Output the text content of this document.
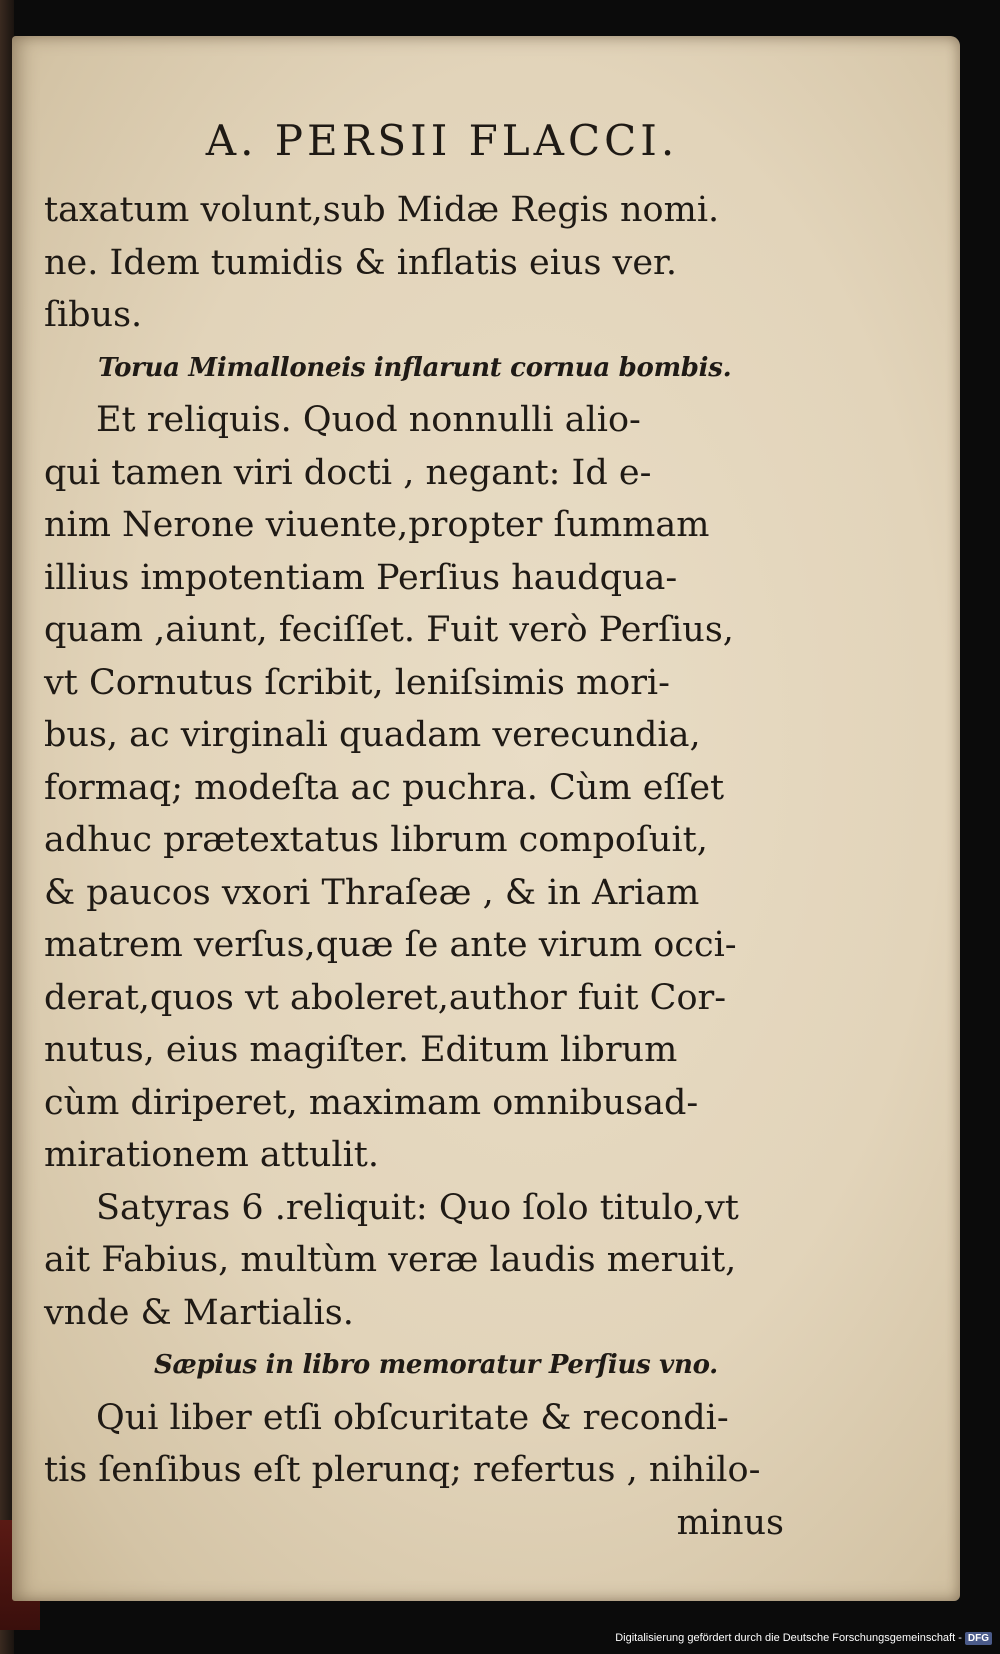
A. PERSII FLACCI.
taxatum volunt,sub Midæ Regis nomi.
ne. Idem tumidis & inflatis eius ver.
ſibus.
Torua Mimalloneis inflarunt cornua bombis.
Et reliquis. Quod nonnulli alio-
qui tamen viri docti , negant: Id e-
nim Nerone viuente,propter ſummam
illius impotentiam Perſius haudqua-
quam ,aiunt, feciſſet. Fuit verò Perſius,
vt Cornutus ſcribit, leniſsimis mori-
bus, ac virginali quadam verecundia,
formaq; modeſta ac puchra. Cùm eſſet
adhuc prætextatus librum compoſuit,
& paucos vxori Thraſeæ , & in Ariam
matrem verſus,quæ ſe ante virum occi-
derat,quos vt aboleret,author fuit Cor-
nutus, eius magiſter. Editum librum
cùm diriperet, maximam omnibusad-
mirationem attulit.
Satyras 6 .reliquit: Quo ſolo titulo,vt
ait Fabius, multùm veræ laudis meruit,
vnde & Martialis.
Sæpius in libro memoratur Perſius vno.
Qui liber etſi obſcuritate & recondi-
tis ſenſibus eſt plerunq; refertus , nihilo-
minus
Digitalisierung gefördert durch die Deutsche Forschungsgemeinschaft - DFG
